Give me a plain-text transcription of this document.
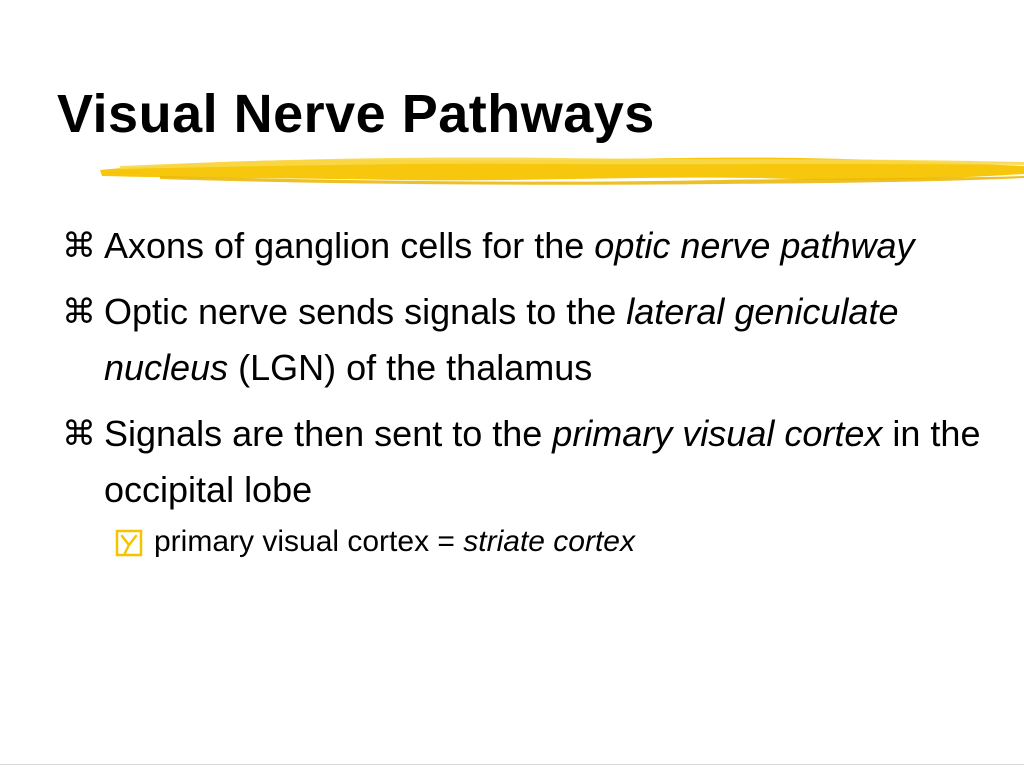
Visual Nerve Pathways
⌘ Axons of ganglion cells for the optic nerve pathway
⌘ Optic nerve sends signals to the lateral geniculate nucleus (LGN) of the thalamus
⌘ Signals are then sent to the primary visual cortex in the occipital lobe
primary visual cortex = striate cortex
